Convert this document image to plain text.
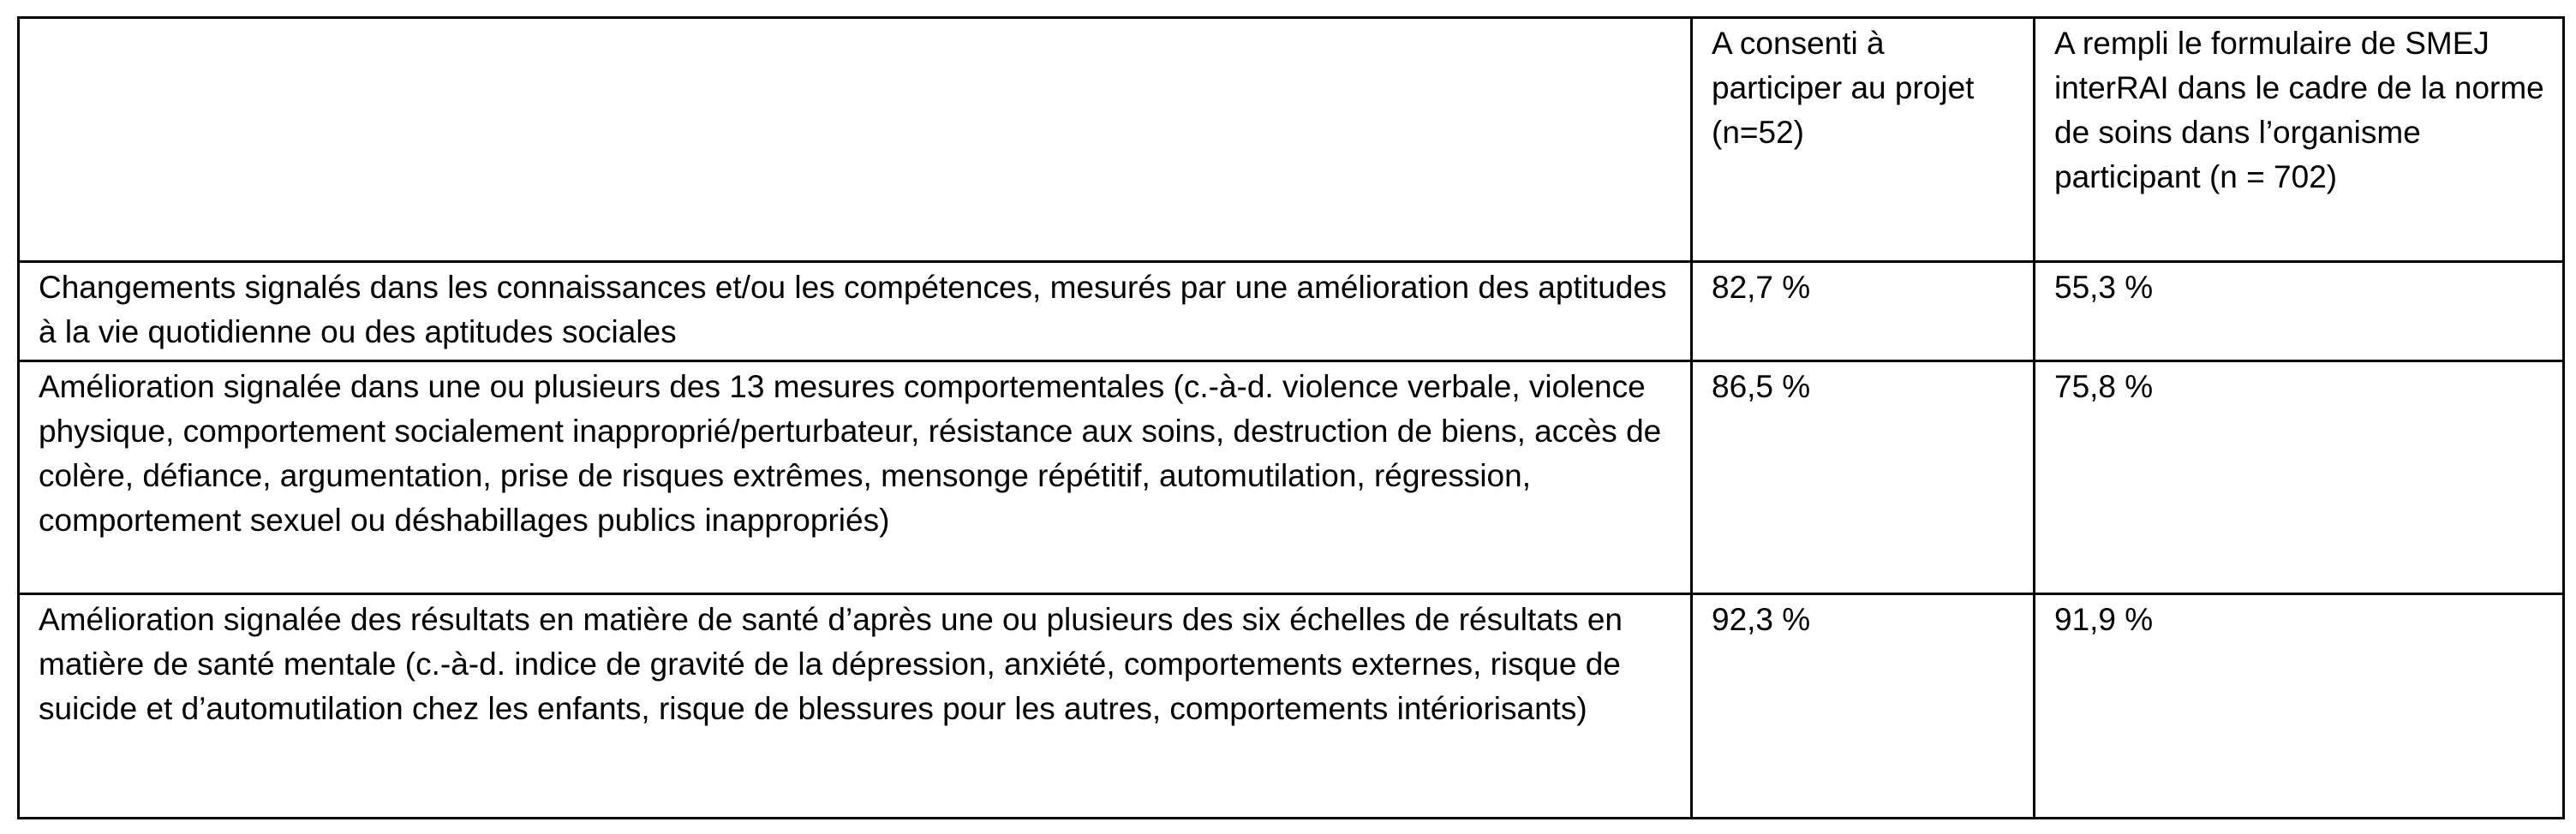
	A consenti à participer au projet (n=52)	A rempli le formulaire de SMEJ interRAI dans le cadre de la norme de soins dans l’organisme participant (n = 702)
Changements signalés dans les connaissances et/ou les compétences, mesurés par une amélioration des aptitudes à la vie quotidienne ou des aptitudes sociales	82,7 %	55,3 %
Amélioration signalée dans une ou plusieurs des 13 mesures comportementales (c.-à-d. violence verbale, violence physique, comportement socialement inapproprié/perturbateur, résistance aux soins, destruction de biens, accès de colère, défiance, argumentation, prise de risques extrêmes, mensonge répétitif, automutilation, régression, comportement sexuel ou déshabillages publics inappropriés)	86,5 %	75,8 %
Amélioration signalée des résultats en matière de santé d’après une ou plusieurs des six échelles de résultats en matière de santé mentale (c.-à-d. indice de gravité de la dépression, anxiété, comportements externes, risque de suicide et d’automutilation chez les enfants, risque de blessures pour les autres, comportements intériorisants)	92,3 %	91,9 %
